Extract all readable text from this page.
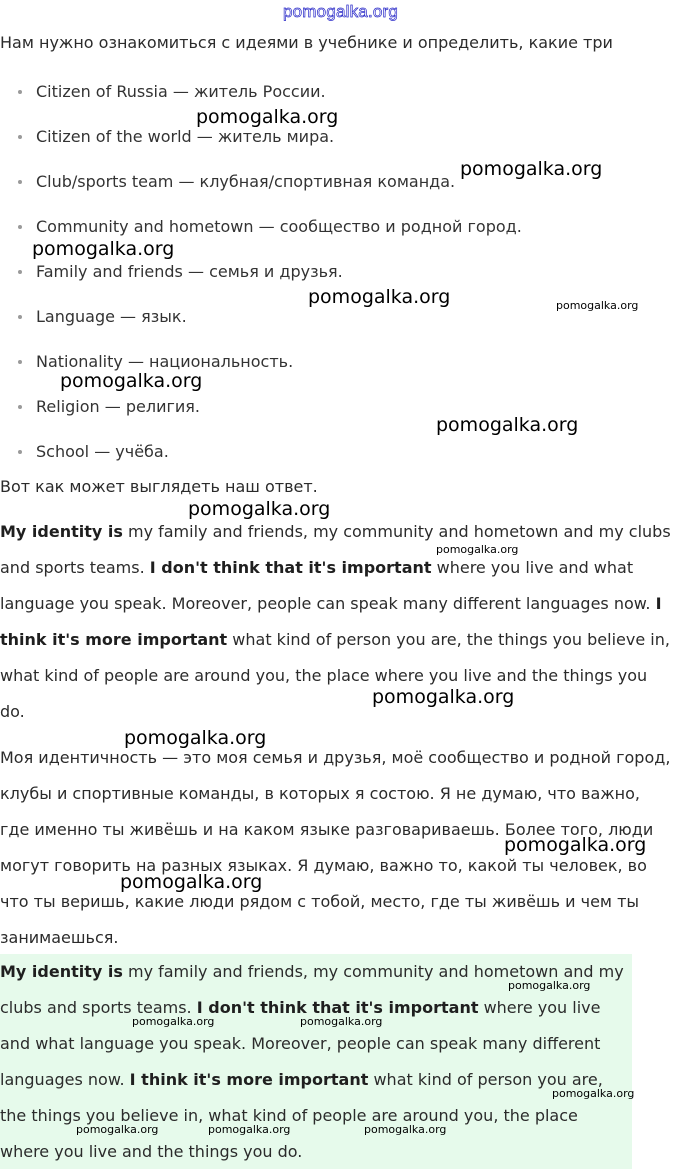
pomogalka.org

Нам нужно ознакомиться с идеями в учебнике и определить, какие три

Citizen of Russia — житель России.
Citizen of the world — житель мира.
Club/sports team — клубная/спортивная команда.
Community and hometown — сообщество и родной город.
Family and friends — семья и друзья.
Language — язык.
Nationality — национальность.
Religion — религия.
School — учёба.

Вот как может выглядеть наш ответ.

My identity is my family and friends, my community and hometown and my clubs and sports teams. I don't think that it's important where you live and what language you speak. Moreover, people can speak many different languages now. I think it's more important what kind of person you are, the things you believe in, what kind of people are around you, the place where you live and the things you do.

Моя идентичность — это моя семья и друзья, моё сообщество и родной город, клубы и спортивные команды, в которых я состою. Я не думаю, что важно, где именно ты живёшь и на каком языке разговариваешь. Более того, люди могут говорить на разных языках. Я думаю, важно то, какой ты человек, во что ты веришь, какие люди рядом с тобой, место, где ты живёшь и чем ты занимаешься.

My identity is my family and friends, my community and hometown and my clubs and sports teams. I don't think that it's important where you live and what language you speak. Moreover, people can speak many different languages now. I think it's more important what kind of person you are, the things you believe in, what kind of people are around you, the place where you live and the things you do.

pomogalka.org
pomogalka.org
pomogalka.org
pomogalka.org	pomogalka.org
pomogalka.org
pomogalka.org
pomogalka.org
pomogalka.org
pomogalka.org
pomogalka.org
pomogalka.org
pomogalka.org
pomogalka.org
pomogalka.org	pomogalka.org
pomogalka.org
pomogalka.org	pomogalka.org	pomogalka.org
